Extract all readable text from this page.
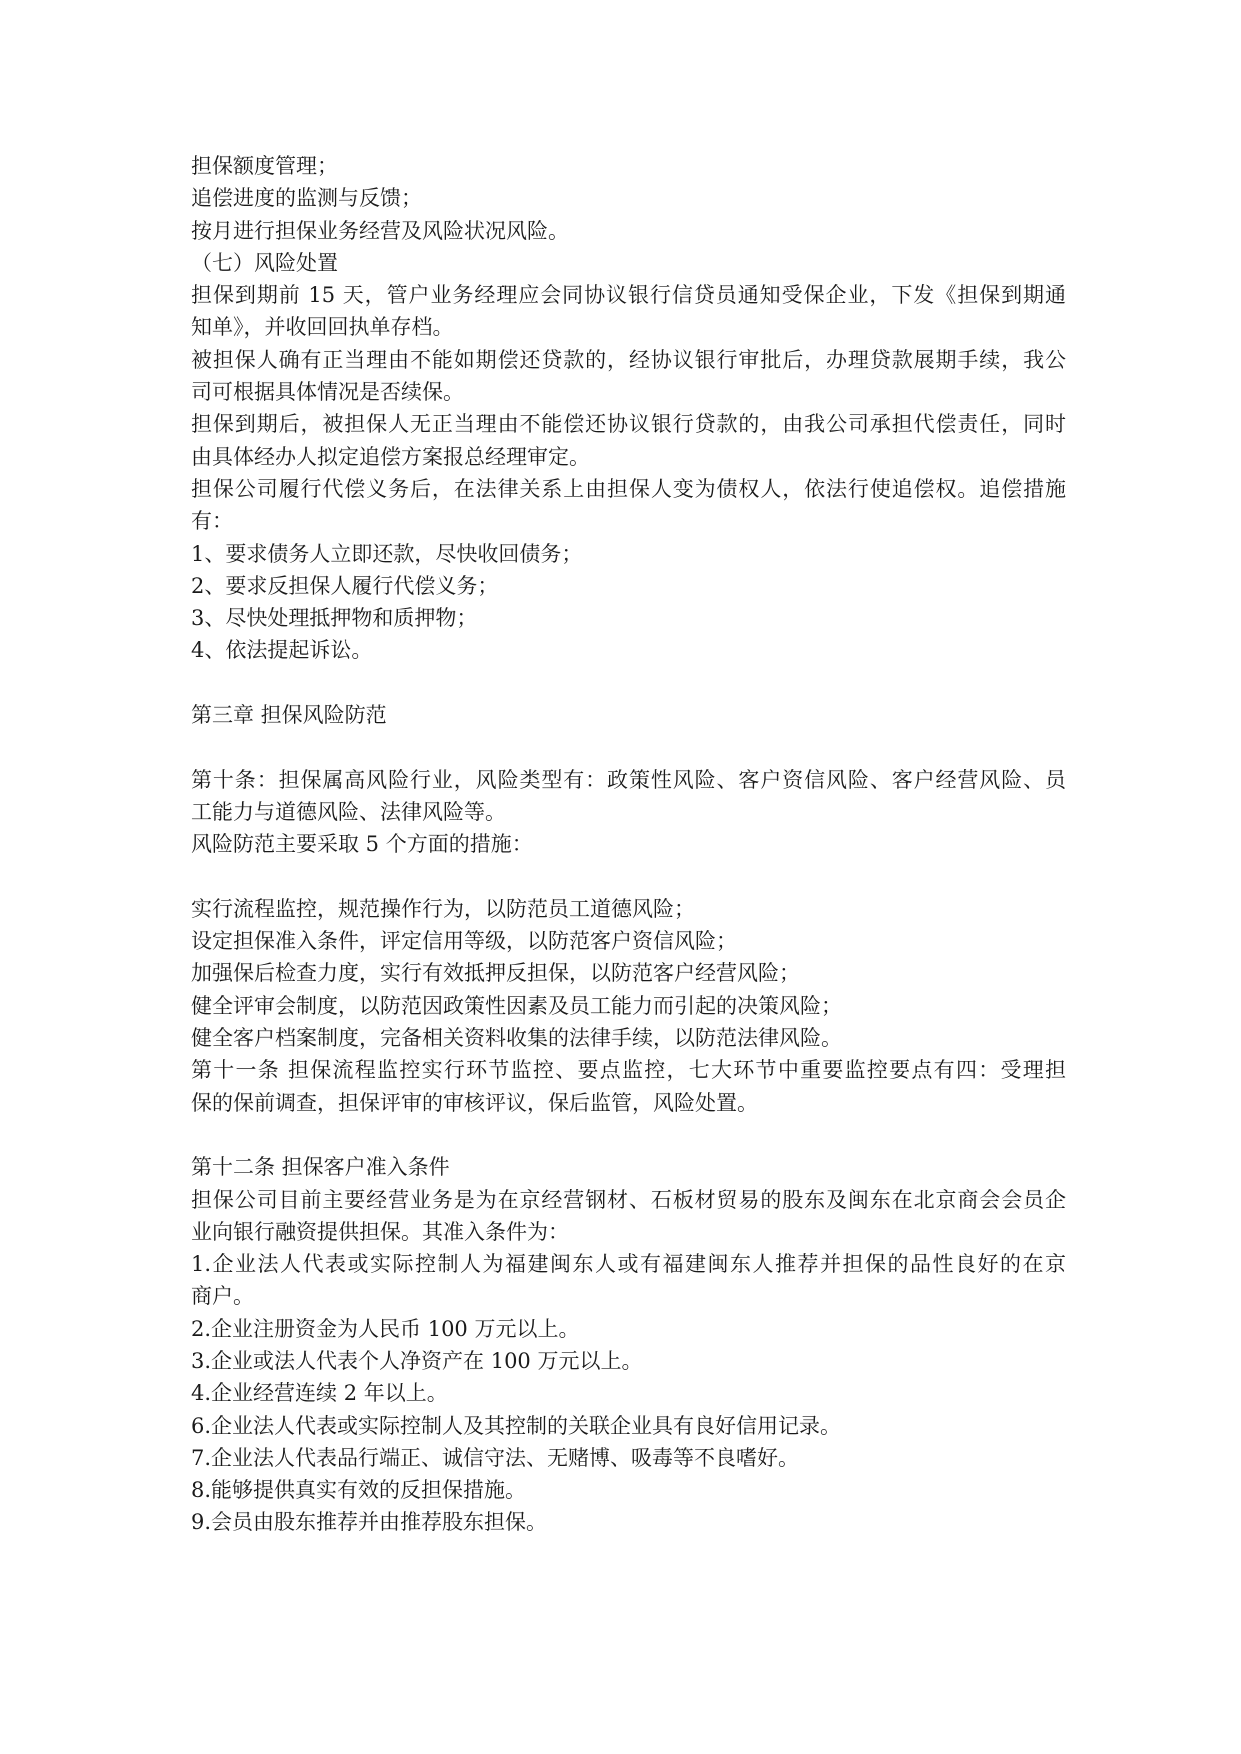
担保额度管理；
追偿进度的监测与反馈；
按月进行担保业务经营及风险状况风险。
（七）风险处置
担保到期前 15 天，管户业务经理应会同协议银行信贷员通知受保企业，下发《担保到期通
知单》，并收回回执单存档。
被担保人确有正当理由不能如期偿还贷款的，经协议银行审批后，办理贷款展期手续，我公
司可根据具体情况是否续保。
担保到期后，被担保人无正当理由不能偿还协议银行贷款的，由我公司承担代偿责任，同时
由具体经办人拟定追偿方案报总经理审定。
担保公司履行代偿义务后，在法律关系上由担保人变为债权人，依法行使追偿权。追偿措施
有：
1、要求债务人立即还款，尽快收回债务；
2、要求反担保人履行代偿义务；
3、尽快处理抵押物和质押物；
4、依法提起诉讼。
第三章 担保风险防范
第十条：担保属高风险行业，风险类型有：政策性风险、客户资信风险、客户经营风险、员
工能力与道德风险、法律风险等。
风险防范主要采取 5 个方面的措施：
实行流程监控，规范操作行为，以防范员工道德风险；
设定担保准入条件，评定信用等级，以防范客户资信风险；
加强保后检查力度，实行有效抵押反担保，以防范客户经营风险；
健全评审会制度，以防范因政策性因素及员工能力而引起的决策风险；
健全客户档案制度，完备相关资料收集的法律手续，以防范法律风险。
第十一条 担保流程监控实行环节监控、要点监控，七大环节中重要监控要点有四：受理担
保的保前调查，担保评审的审核评议，保后监管，风险处置。
第十二条 担保客户准入条件
担保公司目前主要经营业务是为在京经营钢材、石板材贸易的股东及闽东在北京商会会员企
业向银行融资提供担保。其准入条件为：
1.企业法人代表或实际控制人为福建闽东人或有福建闽东人推荐并担保的品性良好的在京
商户。
2.企业注册资金为人民币 100 万元以上。
3.企业或法人代表个人净资产在 100 万元以上。
4.企业经营连续 2 年以上。
6.企业法人代表或实际控制人及其控制的关联企业具有良好信用记录。
7.企业法人代表品行端正、诚信守法、无赌博、吸毒等不良嗜好。
8.能够提供真实有效的反担保措施。
9.会员由股东推荐并由推荐股东担保。
